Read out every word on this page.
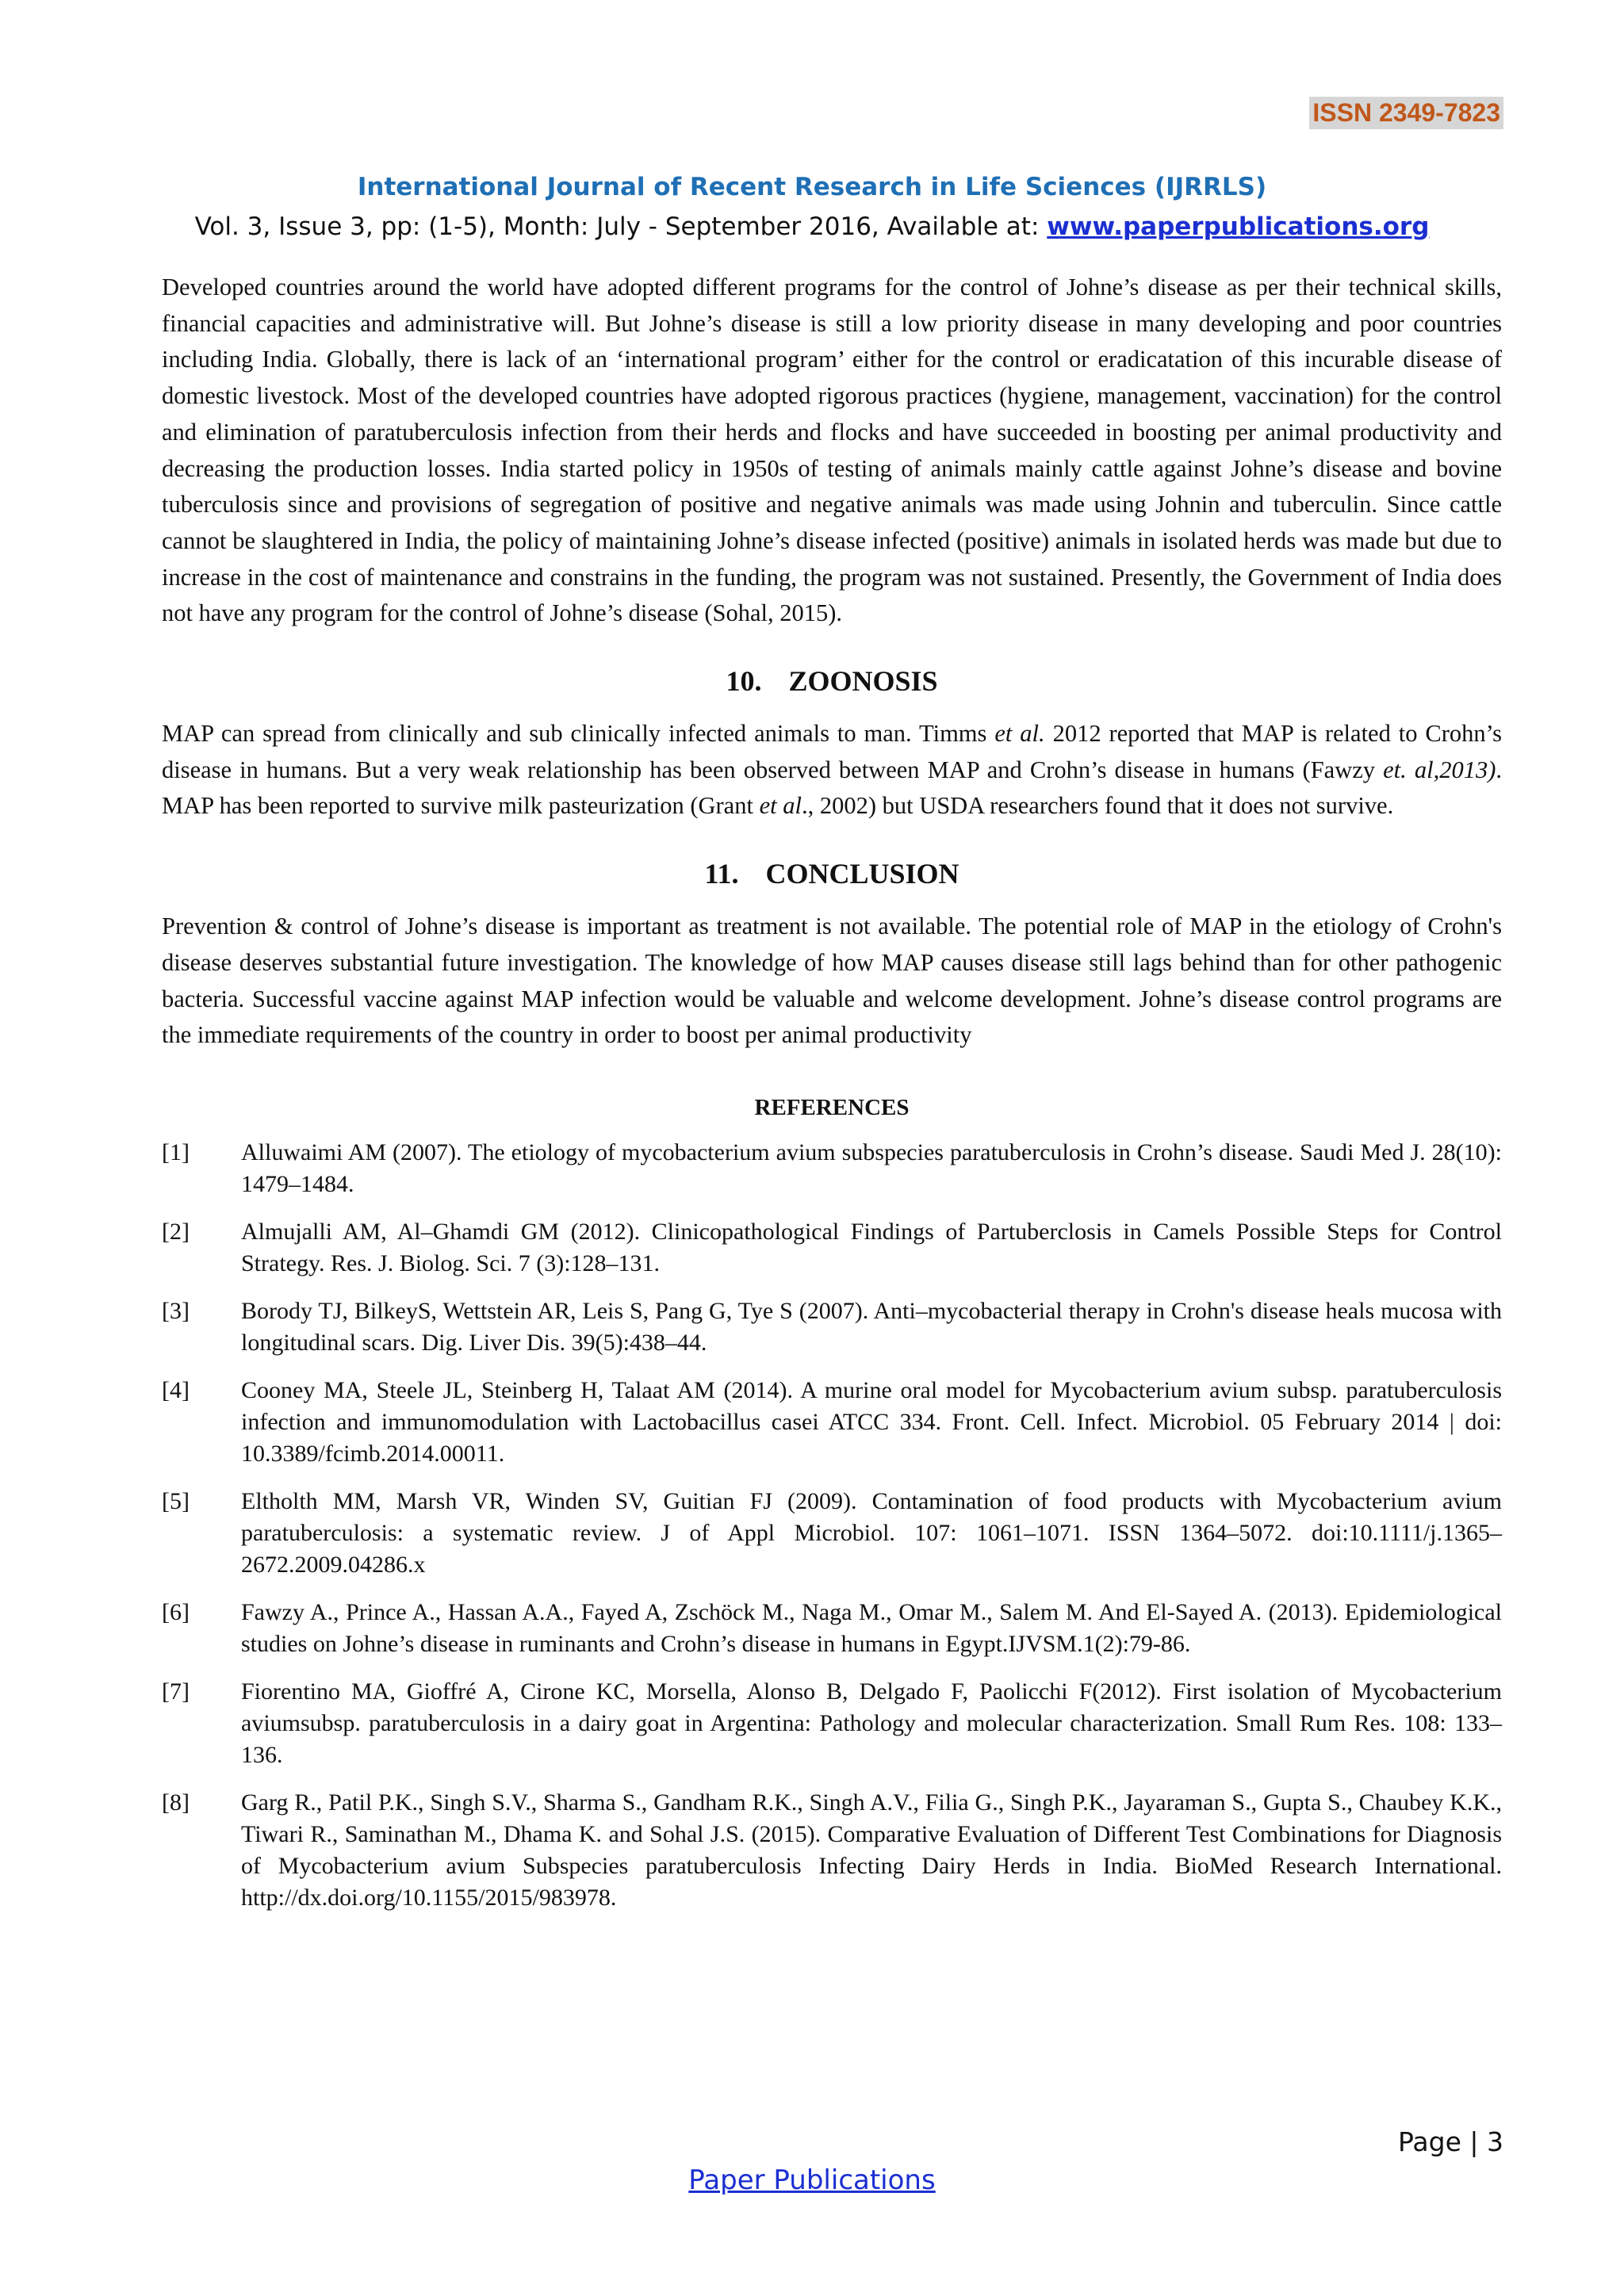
ISSN 2349-7823
International Journal of Recent Research in Life Sciences (IJRRLS)
Vol. 3, Issue 3, pp: (1-5), Month: July - September 2016, Available at: www.paperpublications.org

Developed countries around the world have adopted different programs for the control of Johne’s disease as per their technical skills, financial capacities and administrative will. But Johne’s disease is still a low priority disease in many developing and poor countries including India. Globally, there is lack of an ‘international program’ either for the control or eradicatation of this incurable disease of domestic livestock. Most of the developed countries have adopted rigorous practices (hygiene, management, vaccination) for the control and elimination of paratuberculosis infection from their herds and flocks and have succeeded in boosting per animal productivity and decreasing the production losses. India started policy in 1950s of testing of animals mainly cattle against Johne’s disease and bovine tuberculosis since and provisions of segregation of positive and negative animals was made using Johnin and tuberculin. Since cattle cannot be slaughtered in India, the policy of maintaining Johne’s disease infected (positive) animals in isolated herds was made but due to increase in the cost of maintenance and constrains in the funding, the program was not sustained. Presently, the Government of India does not have any program for the control of Johne’s disease (Sohal, 2015).

10. ZOONOSIS

MAP can spread from clinically and sub clinically infected animals to man. Timms et al. 2012 reported that MAP is related to Crohn’s disease in humans. But a very weak relationship has been observed between MAP and Crohn’s disease in humans (Fawzy et. al,2013). MAP has been reported to survive milk pasteurization (Grant et al., 2002) but USDA researchers found that it does not survive.

11. CONCLUSION

Prevention & control of Johne’s disease is important as treatment is not available. The potential role of MAP in the etiology of Crohn's disease deserves substantial future investigation. The knowledge of how MAP causes disease still lags behind than for other pathogenic bacteria. Successful vaccine against MAP infection would be valuable and welcome development. Johne’s disease control programs are the immediate requirements of the country in order to boost per animal productivity

REFERENCES
[1]	Alluwaimi AM (2007). The etiology of mycobacterium avium subspecies paratuberculosis in Crohn’s disease. Saudi Med J. 28(10): 1479–1484.
[2]	Almujalli AM, Al–Ghamdi GM (2012). Clinicopathological Findings of Partuberclosis in Camels Possible Steps for Control Strategy. Res. J. Biolog. Sci. 7 (3):128–131.
[3]	Borody TJ, BilkeyS, Wettstein AR, Leis S, Pang G, Tye S (2007). Anti–mycobacterial therapy in Crohn's disease heals mucosa with longitudinal scars. Dig. Liver Dis. 39(5):438–44.
[4]	Cooney MA, Steele JL, Steinberg H, Talaat AM (2014). A murine oral model for Mycobacterium avium subsp. paratuberculosis infection and immunomodulation with Lactobacillus casei ATCC 334. Front. Cell. Infect. Microbiol. 05 February 2014 | doi: 10.3389/fcimb.2014.00011.
[5]	Eltholth MM, Marsh VR, Winden SV, Guitian FJ (2009). Contamination of food products with Mycobacterium avium paratuberculosis: a systematic review. J of Appl Microbiol. 107: 1061–1071. ISSN 1364–5072. doi:10.1111/j.1365–2672.2009.04286.x
[6]	Fawzy A., Prince A., Hassan A.A., Fayed A, Zschöck M., Naga M., Omar M., Salem M. And El-Sayed A. (2013). Epidemiological studies on Johne’s disease in ruminants and Crohn’s disease in humans in Egypt.IJVSM.1(2):79-86.
[7]	Fiorentino MA, Gioffré A, Cirone KC, Morsella, Alonso B, Delgado F, Paolicchi F(2012). First isolation of Mycobacterium aviumsubsp. paratuberculosis in a dairy goat in Argentina: Pathology and molecular characterization. Small Rum Res. 108: 133– 136.
[8]	Garg R., Patil P.K., Singh S.V., Sharma S., Gandham R.K., Singh A.V., Filia G., Singh P.K., Jayaraman S., Gupta S., Chaubey K.K., Tiwari R., Saminathan M., Dhama K. and Sohal J.S. (2015). Comparative Evaluation of Different Test Combinations for Diagnosis of Mycobacterium avium Subspecies paratuberculosis Infecting Dairy Herds in India. BioMed Research International. http://dx.doi.org/10.1155/2015/983978.
Page | 3
Paper Publications
